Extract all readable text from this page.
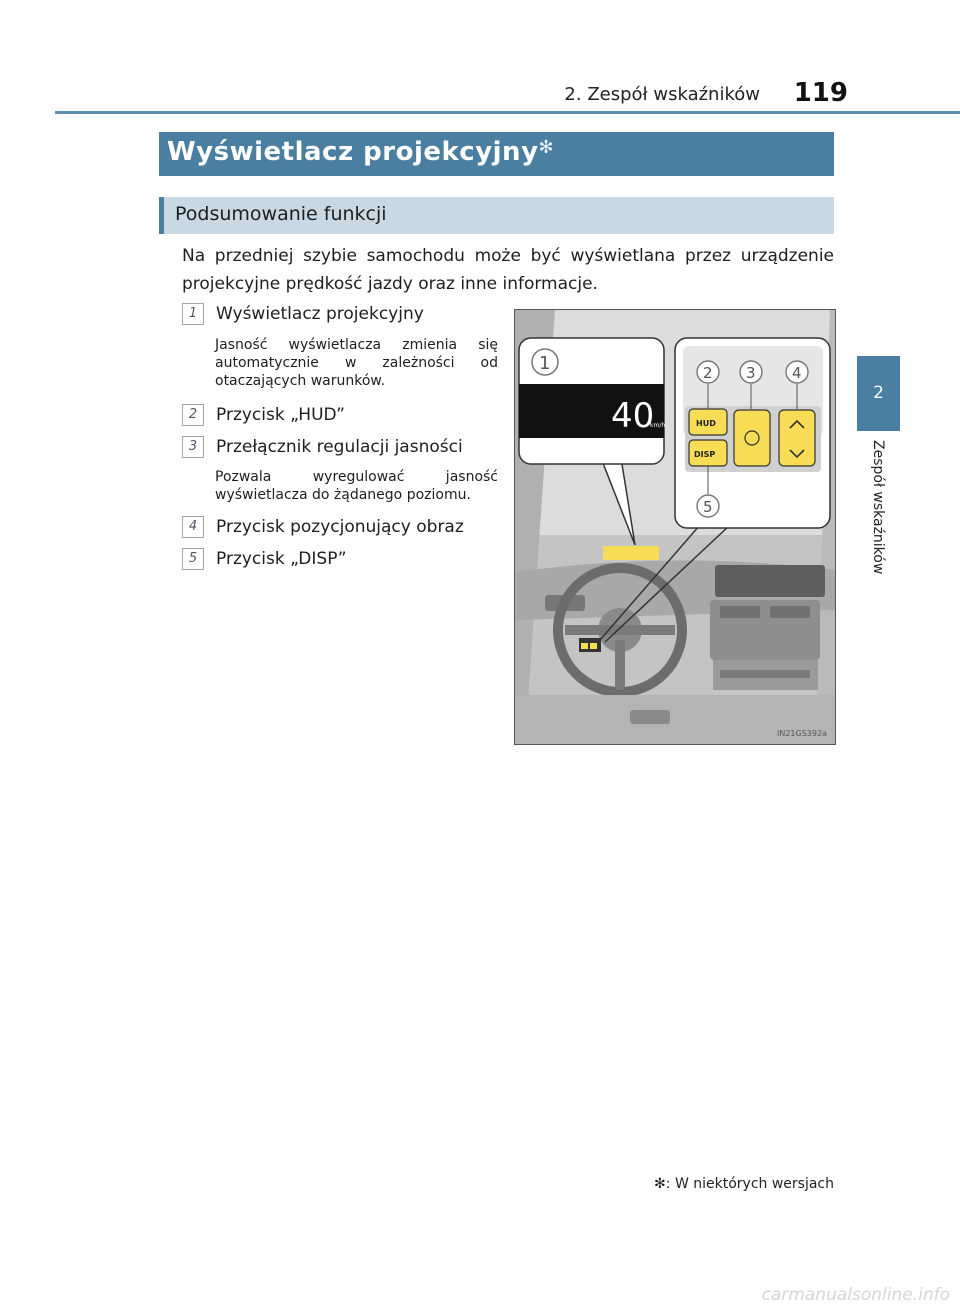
2. Zespół wskaźników 119
2
Zespół wskaźników
Wyświetlacz projekcyjny✻
Podsumowanie funkcji
Na przedniej szybie samochodu może być wyświetlana przez urządzenie projekcyjne prędkość jazdy oraz inne informacje.
1 Wyświetlacz projekcyjny
Jasność wyświetlacza zmienia się automatycznie w zależności od otaczających warunków.
2 Przycisk „HUD”
3 Przełącznik regulacji jasności
Pozwala wyregulować jasność wyświetlacza do żądanego poziomu.
4 Przycisk pozycjonujący obraz
5 Przycisk „DISP”
40
km/h
1
HUD
DISP
2 3 4
5
IN21GS392a
✻: W niektórych wersjach
carmanualsonline.info
